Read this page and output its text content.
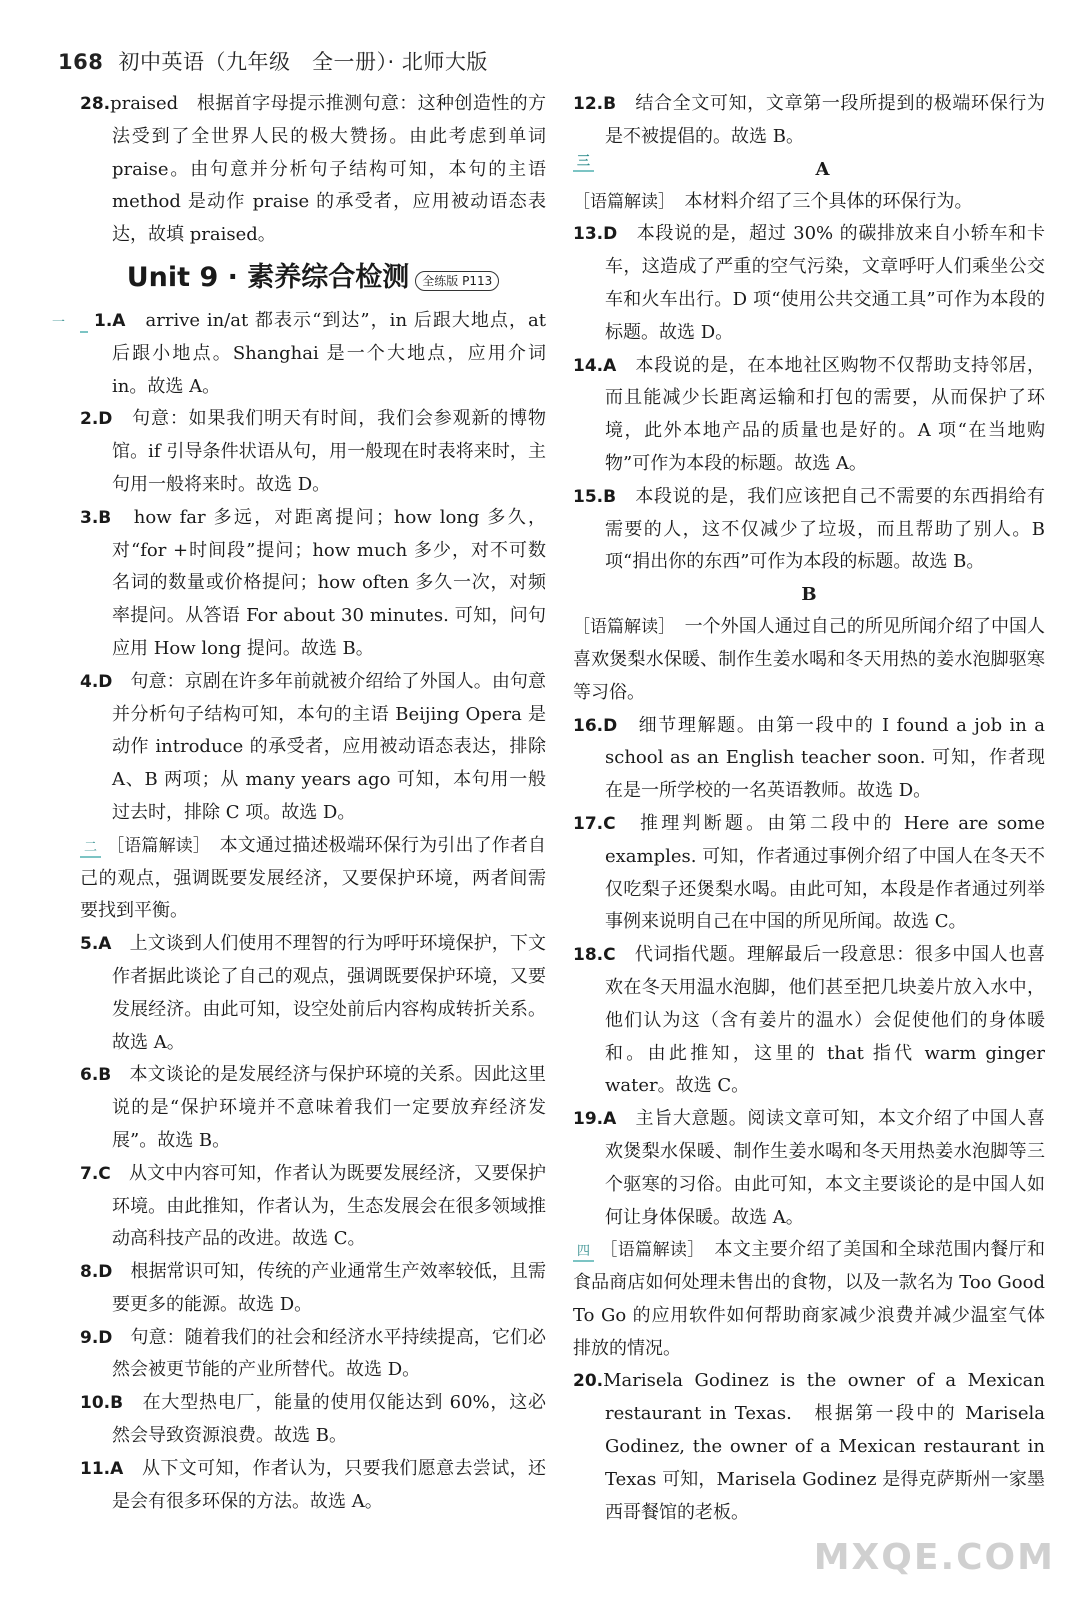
168 初中英语（九年级　全一册）· 北师大版

28.praised　根据首字母提示推测句意：这种创造性的方法受到了全世界人民的极大赞扬。由此考虑到单词praise。由句意并分析句子结构可知，本句的主语 method 是动作 praise 的承受者，应用被动语态表达，故填 praised。

Unit 9 · 素养综合检测 全练版 P113

一 1.A　arrive in/at 都表示“到达”，in 后跟大地点，at 后跟小地点。Shanghai 是一个大地点，应用介词 in。故选 A。

2.D　句意：如果我们明天有时间，我们会参观新的博物馆。if 引导条件状语从句，用一般现在时表将来时，主句用一般将来时。故选 D。

3.B　how far 多远，对距离提问；how long 多久，对“for +时间段”提问；how much 多少，对不可数名词的数量或价格提问；how often 多久一次，对频率提问。从答语 For about 30 minutes. 可知，问句应用 How long 提问。故选 B。

4.D　句意：京剧在许多年前就被介绍给了外国人。由句意并分析句子结构可知，本句的主语 Beijing Opera 是动作 introduce 的承受者，应用被动语态表达，排除 A、B 两项；从 many years ago 可知，本句用一般过去时，排除 C 项。故选 D。

二 ［语篇解读］　本文通过描述极端环保行为引出了作者自己的观点，强调既要发展经济，又要保护环境，两者间需要找到平衡。

5.A　上文谈到人们使用不理智的行为呼吁环境保护，下文作者据此谈论了自己的观点，强调既要保护环境，又要发展经济。由此可知，设空处前后内容构成转折关系。故选 A。

6.B　本文谈论的是发展经济与保护环境的关系。因此这里说的是“保护环境并不意味着我们一定要放弃经济发展”。故选 B。

7.C　从文中内容可知，作者认为既要发展经济，又要保护环境。由此推知，作者认为，生态发展会在很多领域推动高科技产品的改进。故选 C。

8.D　根据常识可知，传统的产业通常生产效率较低，且需要更多的能源。故选 D。

9.D　句意：随着我们的社会和经济水平持续提高，它们必然会被更节能的产业所替代。故选 D。

10.B　在大型热电厂，能量的使用仅能达到 60%，这必然会导致资源浪费。故选 B。

11.A　从下文可知，作者认为，只要我们愿意去尝试，还是会有很多环保的方法。故选 A。

12.B　结合全文可知，文章第一段所提到的极端环保行为是不被提倡的。故选 B。

三	A

［语篇解读］　本材料介绍了三个具体的环保行为。

13.D　本段说的是，超过 30% 的碳排放来自小轿车和卡车，这造成了严重的空气污染，文章呼吁人们乘坐公交车和火车出行。D 项“使用公共交通工具”可作为本段的标题。故选 D。

14.A　本段说的是，在本地社区购物不仅帮助支持邻居，而且能减少长距离运输和打包的需要，从而保护了环境，此外本地产品的质量也是好的。A 项“在当地购物”可作为本段的标题。故选 A。

15.B　本段说的是，我们应该把自己不需要的东西捐给有需要的人，这不仅减少了垃圾，而且帮助了别人。B 项“捐出你的东西”可作为本段的标题。故选 B。

B

［语篇解读］　一个外国人通过自己的所见所闻介绍了中国人喜欢煲梨水保暖、制作生姜水喝和冬天用热的姜水泡脚驱寒等习俗。

16.D　细节理解题。由第一段中的 I found a job in a school as an English teacher soon. 可知，作者现在是一所学校的一名英语教师。故选 D。

17.C　推理判断题。由第二段中的 Here are some examples. 可知，作者通过事例介绍了中国人在冬天不仅吃梨子还煲梨水喝。由此可知，本段是作者通过列举事例来说明自己在中国的所见所闻。故选 C。

18.C　代词指代题。理解最后一段意思：很多中国人也喜欢在冬天用温水泡脚，他们甚至把几块姜片放入水中，他们认为这（含有姜片的温水）会促使他们的身体暖和。由此推知，这里的 that 指代 warm ginger water。故选 C。

19.A　主旨大意题。阅读文章可知，本文介绍了中国人喜欢煲梨水保暖、制作生姜水喝和冬天用热姜水泡脚等三个驱寒的习俗。由此可知，本文主要谈论的是中国人如何让身体保暖。故选 A。

四 ［语篇解读］　本文主要介绍了美国和全球范围内餐厅和食品商店如何处理未售出的食物，以及一款名为 Too Good To Go 的应用软件如何帮助商家减少浪费并减少温室气体排放的情况。

20.Marisela Godinez is the owner of a Mexican restaurant in Texas.　根据第一段中的 Marisela Godinez, the owner of a Mexican restaurant in Texas 可知，Marisela Godinez 是得克萨斯州一家墨西哥餐馆的老板。

MXQE.COM
